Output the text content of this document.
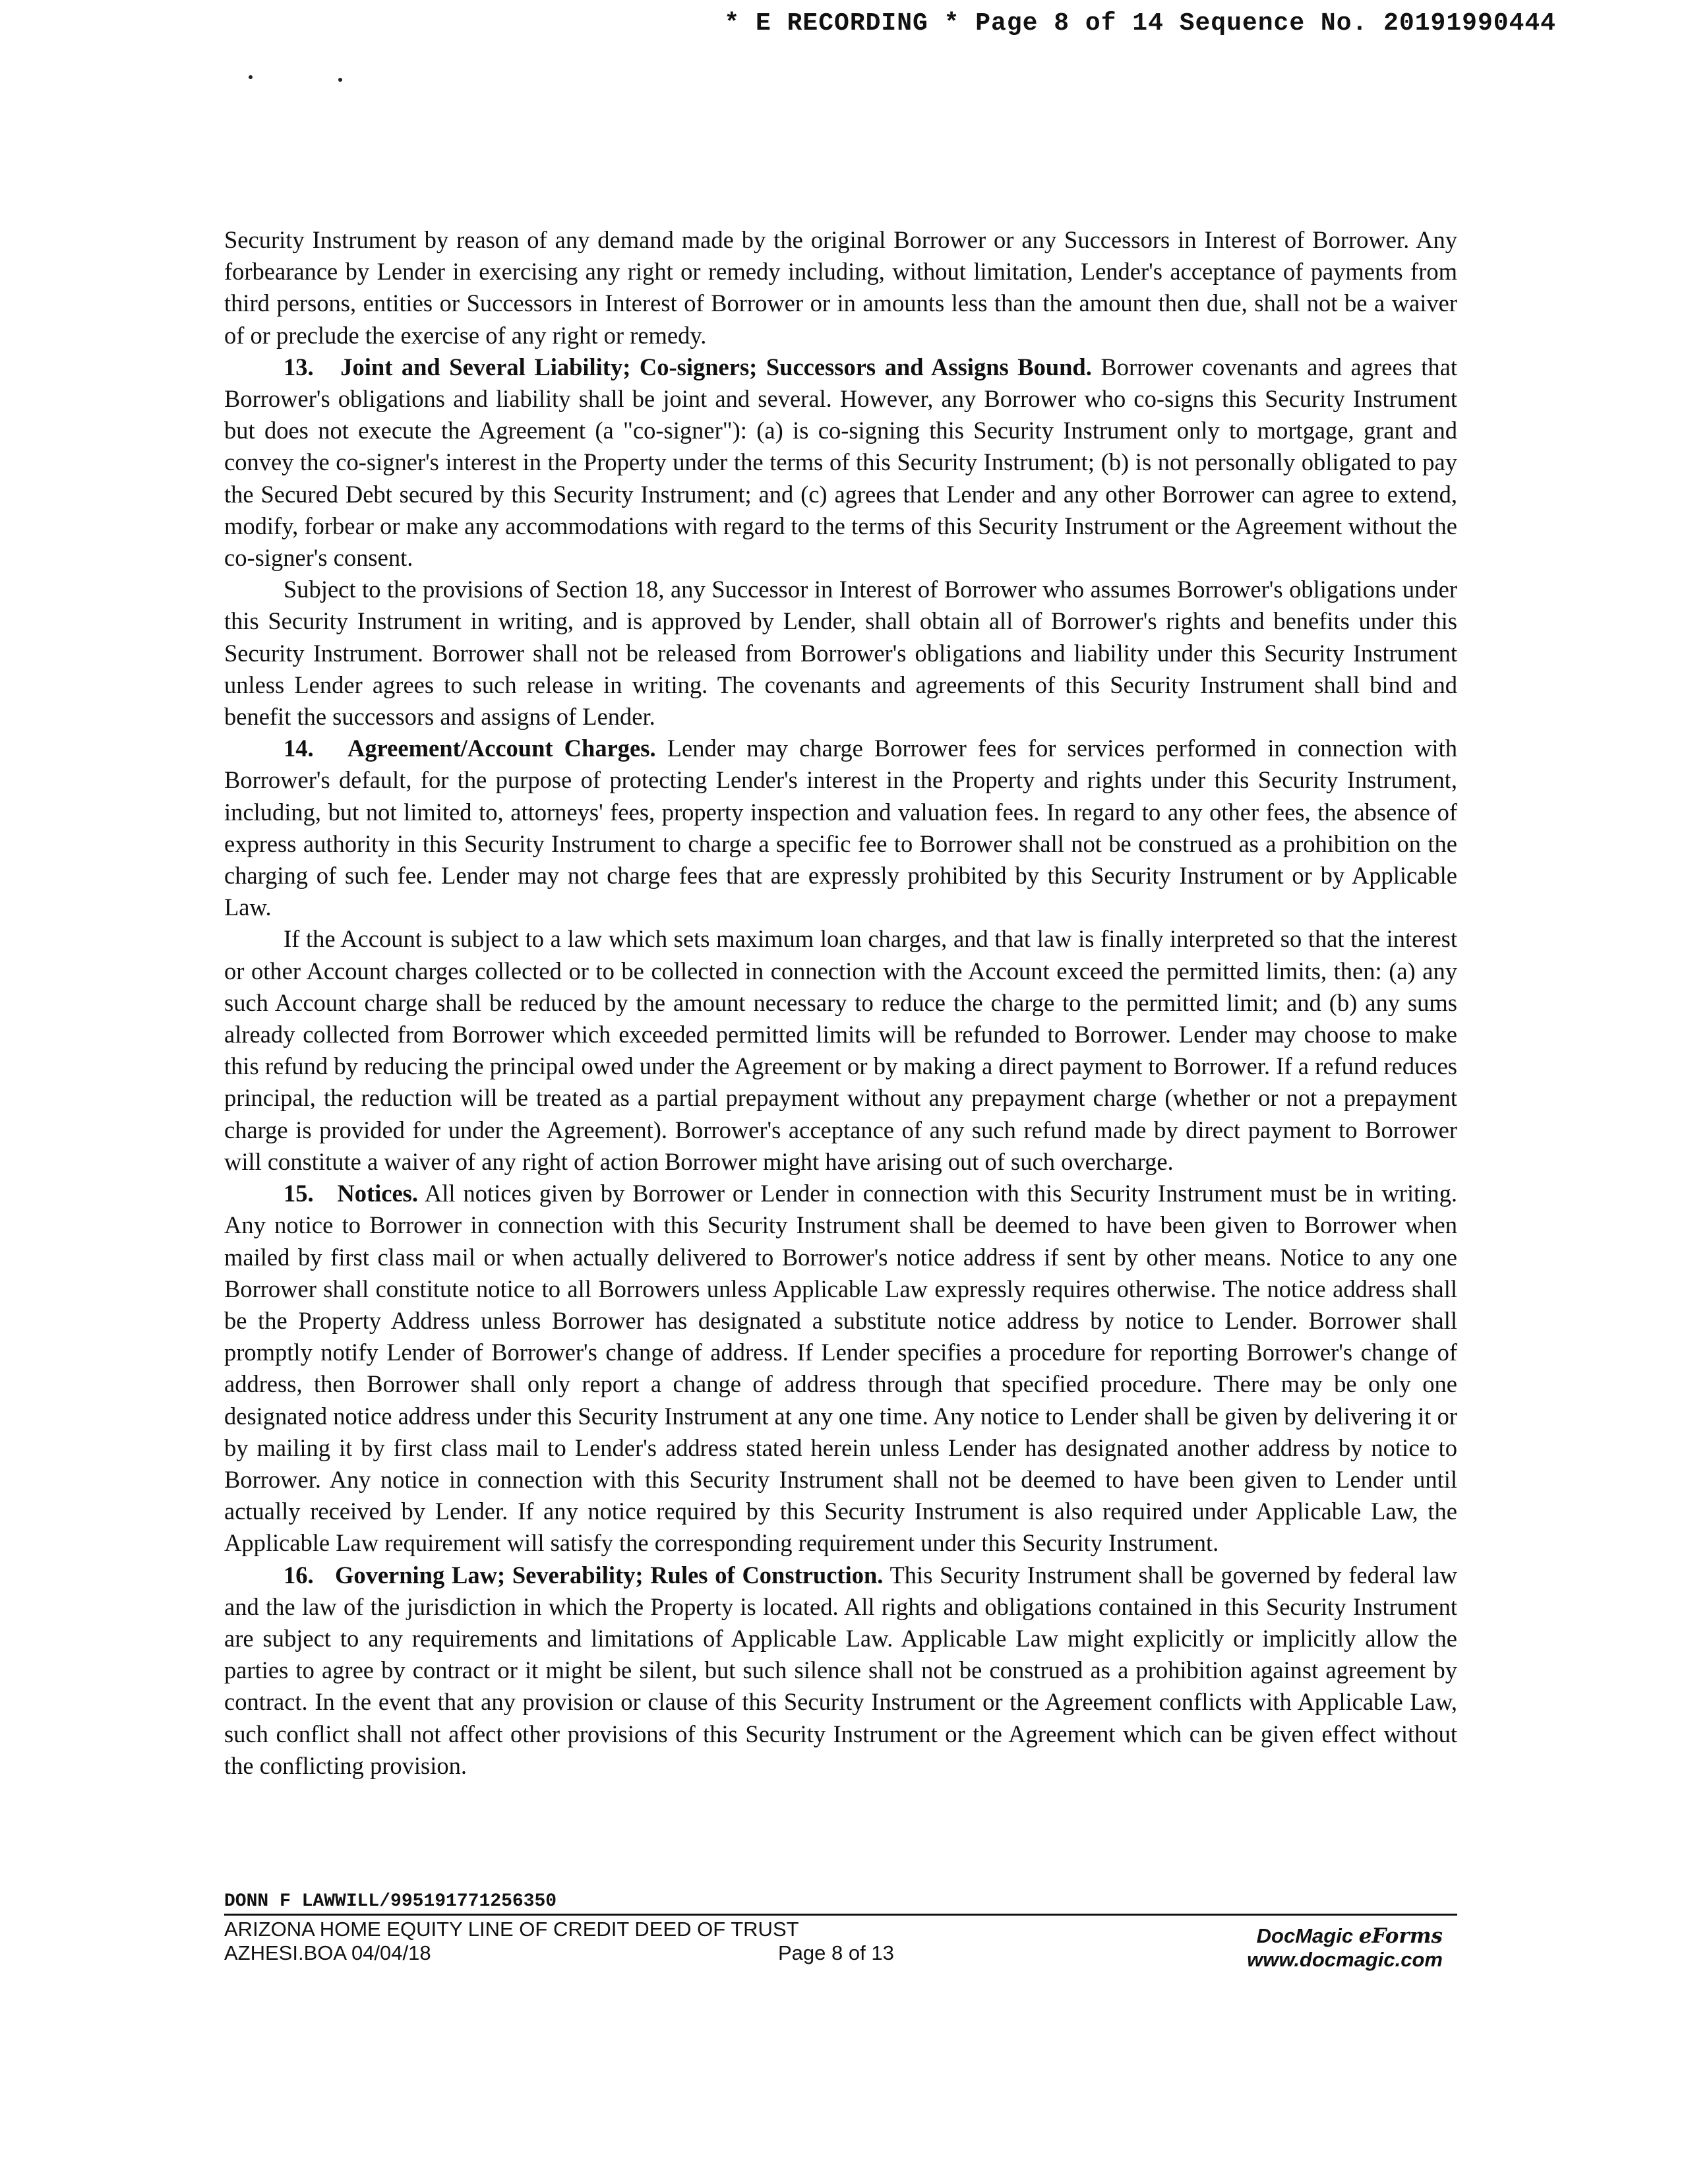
* E RECORDING * Page 8 of 14 Sequence No. 20191990444

Security Instrument by reason of any demand made by the original Borrower or any Successors in Interest of Borrower. Any forbearance by Lender in exercising any right or remedy including, without limitation, Lender's acceptance of payments from third persons, entities or Successors in Interest of Borrower or in amounts less than the amount then due, shall not be a waiver of or preclude the exercise of any right or remedy.

13. Joint and Several Liability; Co-signers; Successors and Assigns Bound. Borrower covenants and agrees that Borrower's obligations and liability shall be joint and several. However, any Borrower who co-signs this Security Instrument but does not execute the Agreement (a "co-signer"): (a) is co-signing this Security Instrument only to mortgage, grant and convey the co-signer's interest in the Property under the terms of this Security Instrument; (b) is not personally obligated to pay the Secured Debt secured by this Security Instrument; and (c) agrees that Lender and any other Borrower can agree to extend, modify, forbear or make any accommodations with regard to the terms of this Security Instrument or the Agreement without the co-signer's consent.

Subject to the provisions of Section 18, any Successor in Interest of Borrower who assumes Borrower's obligations under this Security Instrument in writing, and is approved by Lender, shall obtain all of Borrower's rights and benefits under this Security Instrument. Borrower shall not be released from Borrower's obligations and liability under this Security Instrument unless Lender agrees to such release in writing. The covenants and agreements of this Security Instrument shall bind and benefit the successors and assigns of Lender.

14. Agreement/Account Charges. Lender may charge Borrower fees for services performed in connection with Borrower's default, for the purpose of protecting Lender's interest in the Property and rights under this Security Instrument, including, but not limited to, attorneys' fees, property inspection and valuation fees. In regard to any other fees, the absence of express authority in this Security Instrument to charge a specific fee to Borrower shall not be construed as a prohibition on the charging of such fee. Lender may not charge fees that are expressly prohibited by this Security Instrument or by Applicable Law.

If the Account is subject to a law which sets maximum loan charges, and that law is finally interpreted so that the interest or other Account charges collected or to be collected in connection with the Account exceed the permitted limits, then: (a) any such Account charge shall be reduced by the amount necessary to reduce the charge to the permitted limit; and (b) any sums already collected from Borrower which exceeded permitted limits will be refunded to Borrower. Lender may choose to make this refund by reducing the principal owed under the Agreement or by making a direct payment to Borrower. If a refund reduces principal, the reduction will be treated as a partial prepayment without any prepayment charge (whether or not a prepayment charge is provided for under the Agreement). Borrower's acceptance of any such refund made by direct payment to Borrower will constitute a waiver of any right of action Borrower might have arising out of such overcharge.

15. Notices. All notices given by Borrower or Lender in connection with this Security Instrument must be in writing. Any notice to Borrower in connection with this Security Instrument shall be deemed to have been given to Borrower when mailed by first class mail or when actually delivered to Borrower's notice address if sent by other means. Notice to any one Borrower shall constitute notice to all Borrowers unless Applicable Law expressly requires otherwise. The notice address shall be the Property Address unless Borrower has designated a substitute notice address by notice to Lender. Borrower shall promptly notify Lender of Borrower's change of address. If Lender specifies a procedure for reporting Borrower's change of address, then Borrower shall only report a change of address through that specified procedure. There may be only one designated notice address under this Security Instrument at any one time. Any notice to Lender shall be given by delivering it or by mailing it by first class mail to Lender's address stated herein unless Lender has designated another address by notice to Borrower. Any notice in connection with this Security Instrument shall not be deemed to have been given to Lender until actually received by Lender. If any notice required by this Security Instrument is also required under Applicable Law, the Applicable Law requirement will satisfy the corresponding requirement under this Security Instrument.

16. Governing Law; Severability; Rules of Construction. This Security Instrument shall be governed by federal law and the law of the jurisdiction in which the Property is located. All rights and obligations contained in this Security Instrument are subject to any requirements and limitations of Applicable Law. Applicable Law might explicitly or implicitly allow the parties to agree by contract or it might be silent, but such silence shall not be construed as a prohibition against agreement by contract. In the event that any provision or clause of this Security Instrument or the Agreement conflicts with Applicable Law, such conflict shall not affect other provisions of this Security Instrument or the Agreement which can be given effect without the conflicting provision.

DONN F LAWWILL/995191771256350
ARIZONA HOME EQUITY LINE OF CREDIT DEED OF TRUST
AZHESI.BOA 04/04/18	Page 8 of 13
DocMagic eForms
www.docmagic.com
